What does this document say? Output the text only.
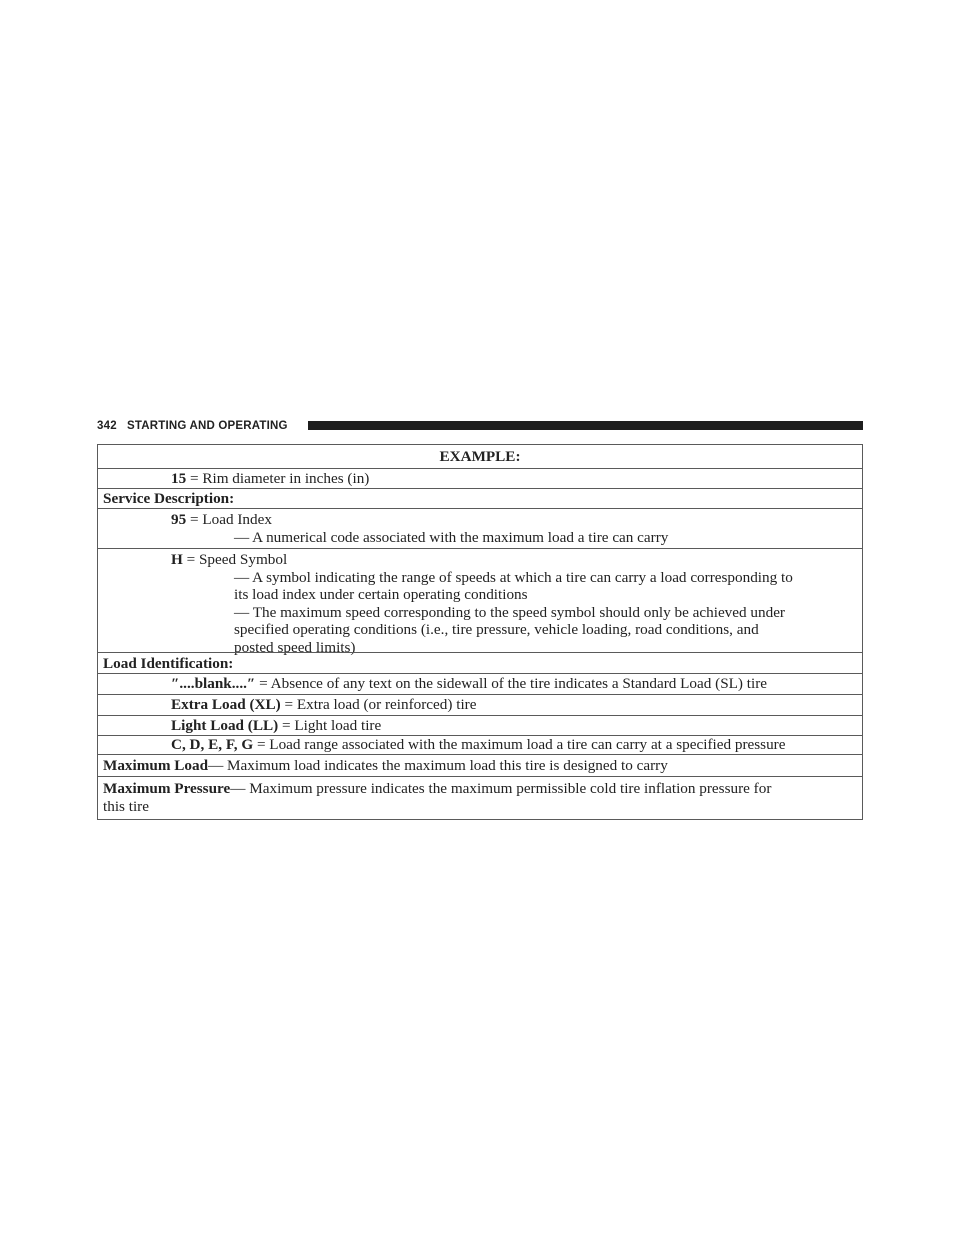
342 STARTING AND OPERATING
EXAMPLE:
15 = Rim diameter in inches (in)
Service Description:
95 = Load Index
— A numerical code associated with the maximum load a tire can carry
H = Speed Symbol
— A symbol indicating the range of speeds at which a tire can carry a load corresponding to
its load index under certain operating conditions
— The maximum speed corresponding to the speed symbol should only be achieved under
specified operating conditions (i.e., tire pressure, vehicle loading, road conditions, and
posted speed limits)
Load Identification:
″....blank....″ = Absence of any text on the sidewall of the tire indicates a Standard Load (SL) tire
Extra Load (XL) = Extra load (or reinforced) tire
Light Load (LL) = Light load tire
C, D, E, F, G = Load range associated with the maximum load a tire can carry at a specified pressure
Maximum Load— Maximum load indicates the maximum load this tire is designed to carry
Maximum Pressure— Maximum pressure indicates the maximum permissible cold tire inflation pressure for
this tire
